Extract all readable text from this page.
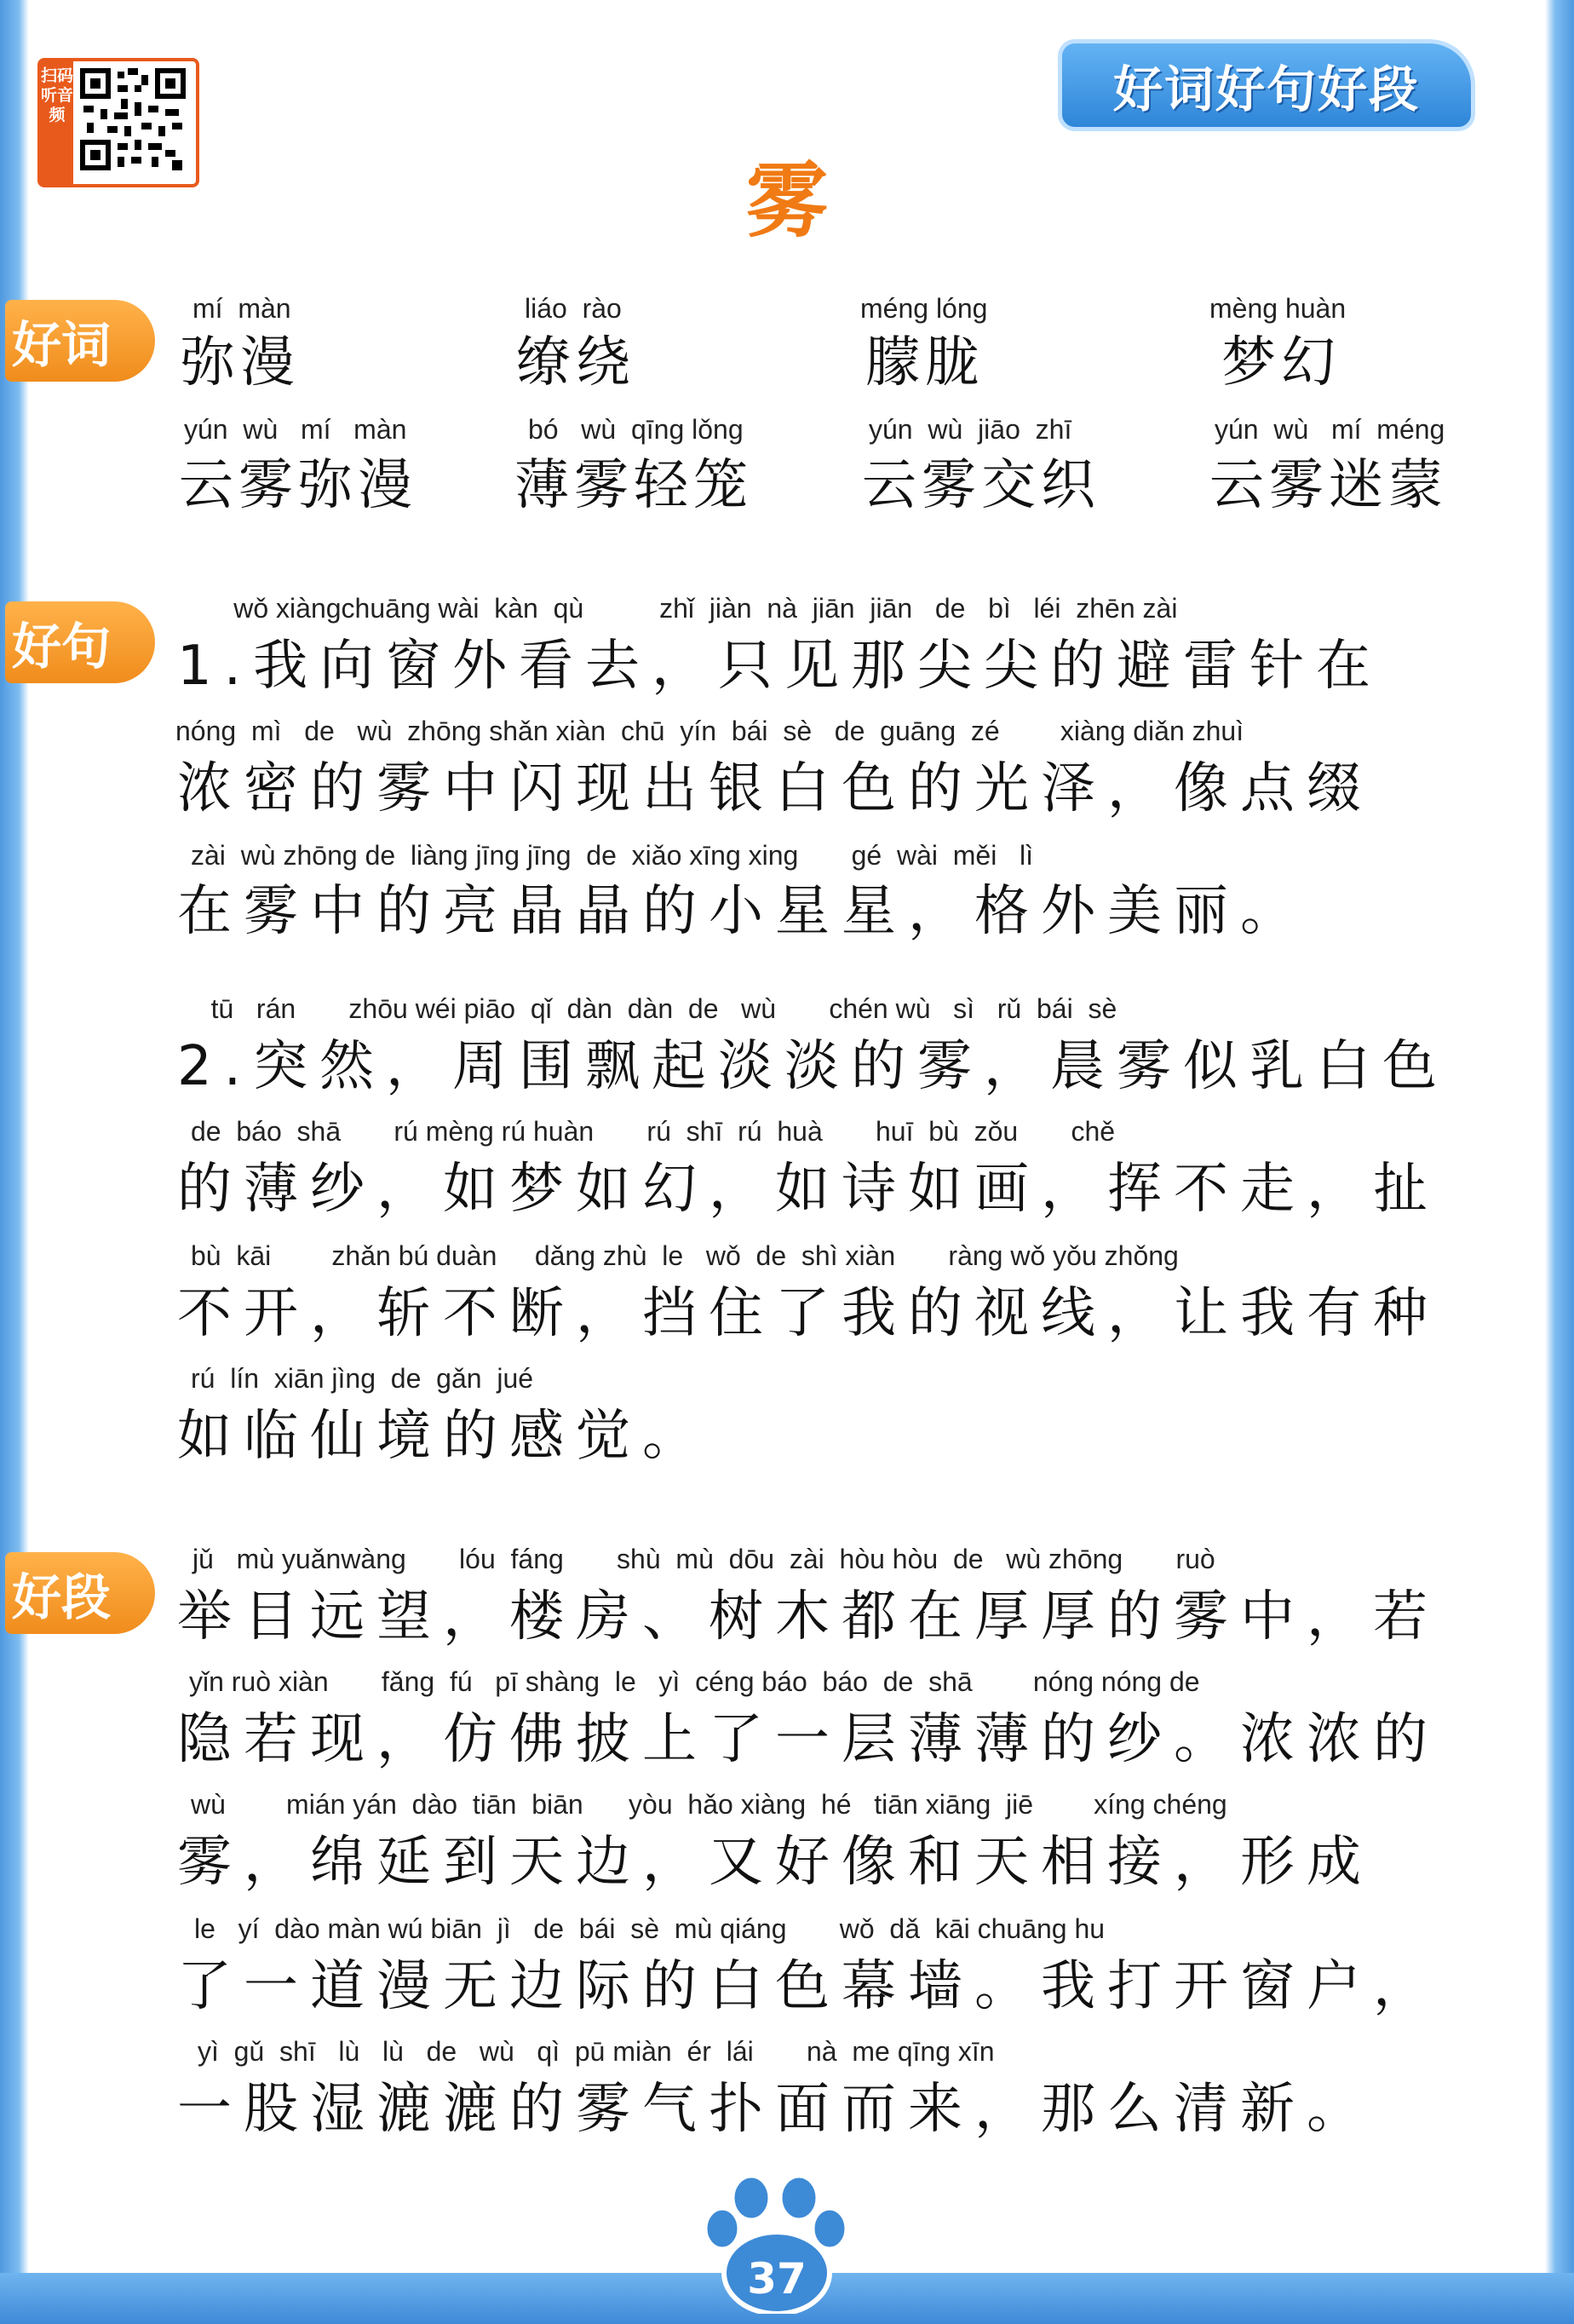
扫码听音频	好词好句好段
雾
好词
好句
好段
mí  màn
弥漫
liáo  rào
缭绕
méng lóng
朦胧
mèng huàn
梦幻
yún  wù   mí   màn
云雾弥漫
bó   wù  qīng lǒng
薄雾轻笼
yún  wù  jiāo  zhī
云雾交织
yún  wù   mí  méng
云雾迷蒙
wǒ xiàngchuāng wài  kàn  qù          zhǐ  jiàn  nà  jiān  jiān   de   bì   léi  zhēn zài
1.我向窗外看去，只见那尖尖的避雷针在
nóng  mì   de   wù  zhōng shǎn xiàn  chū  yín  bái  sè   de  guāng  zé        xiàng diǎn zhuì
浓密的雾中闪现出银白色的光泽，像点缀
zài  wù zhōng de  liàng jīng jīng  de  xiǎo xīng xing       gé  wài  měi   lì
在雾中的亮晶晶的小星星，格外美丽。
tū   rán       zhōu wéi piāo  qǐ  dàn  dàn  de   wù       chén wù   sì   rǔ  bái  sè
2.突然，周围飘起淡淡的雾，晨雾似乳白色
de  báo  shā       rú mèng rú huàn       rú  shī  rú  huà       huī  bù  zǒu       chě
的薄纱，如梦如幻，如诗如画，挥不走，扯
bù  kāi        zhǎn bú duàn     dǎng zhù  le   wǒ  de  shì xiàn       ràng wǒ yǒu zhǒng
不开，斩不断，挡住了我的视线，让我有种
rú  lín  xiān jìng  de  gǎn  jué
如临仙境的感觉。
jǔ   mù yuǎnwàng       lóu  fáng       shù  mù  dōu  zài  hòu hòu  de   wù zhōng       ruò
举目远望，楼房、树木都在厚厚的雾中，若
yǐn ruò xiàn       fǎng  fú   pī shàng  le   yì  céng báo  báo  de  shā        nóng nóng de
隐若现，仿佛披上了一层薄薄的纱。浓浓的
wù        mián yán  dào  tiān  biān      yòu  hǎo xiàng  hé   tiān xiāng  jiē        xíng chéng
雾，绵延到天边，又好像和天相接，形成
le   yí  dào màn wú biān  jì   de  bái  sè  mù qiáng       wǒ  dǎ  kāi chuāng hu
了一道漫无边际的白色幕墙。我打开窗户，
yì  gǔ  shī   lù   lù   de   wù   qì  pū miàn  ér  lái       nà  me qīng xīn
一股湿漉漉的雾气扑面而来，那么清新。
37
